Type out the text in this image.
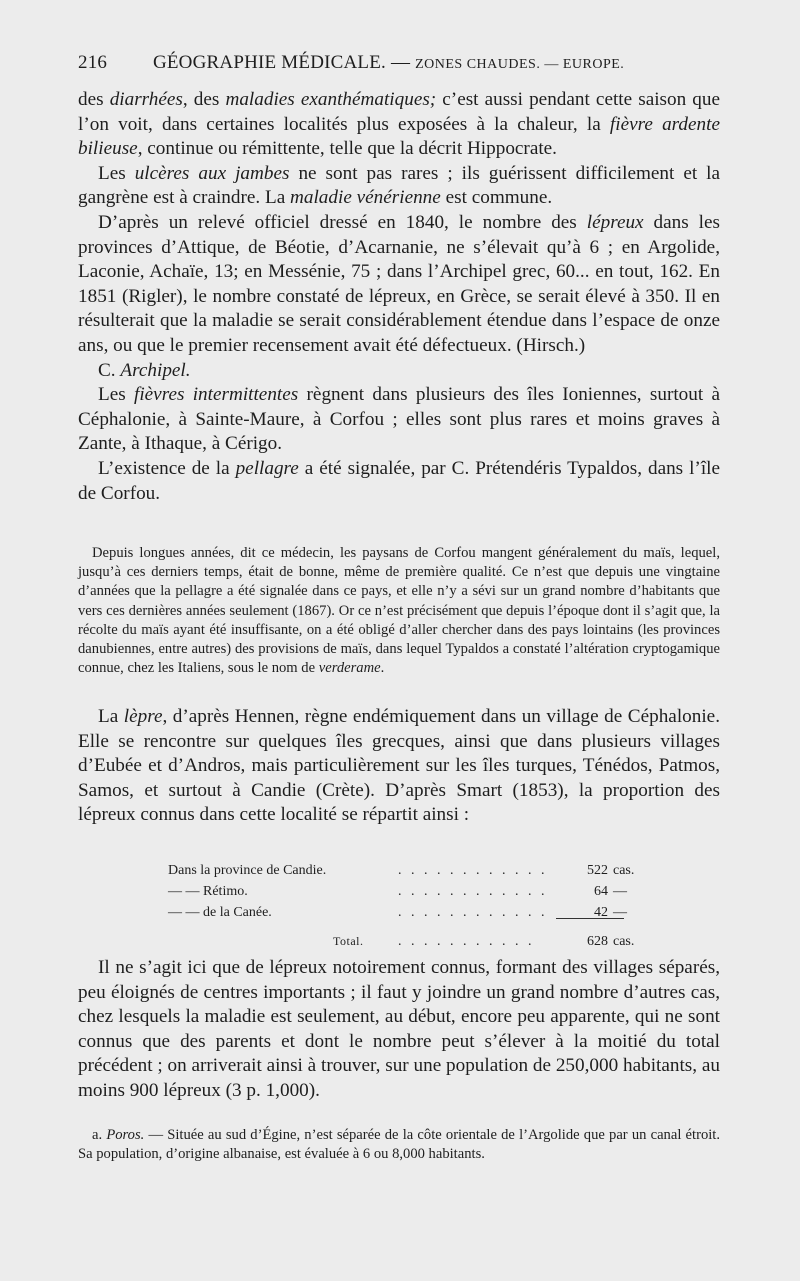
216 GÉOGRAPHIE MÉDICALE. — ZONES CHAUDES. — EUROPE.

des diarrhées, des maladies exanthématiques; c’est aussi pendant cette saison que l’on voit, dans certaines localités plus exposées à la chaleur, la fièvre ardente bilieuse, continue ou rémittente, telle que la décrit Hippocrate.

Les ulcères aux jambes ne sont pas rares ; ils guérissent difficilement et la gangrène est à craindre. La maladie vénérienne est commune.

D’après un relevé officiel dressé en 1840, le nombre des lépreux dans les provinces d’Attique, de Béotie, d’Acarnanie, ne s’élevait qu’à 6 ; en Argolide, Laconie, Achaïe, 13; en Messénie, 75 ; dans l’Archipel grec, 60... en tout, 162. En 1851 (Rigler), le nombre constaté de lépreux, en Grèce, se serait élevé à 350. Il en résulterait que la maladie se serait considérablement étendue dans l’espace de onze ans, ou que le premier recensement avait été défectueux. (Hirsch.)

C. Archipel.

Les fièvres intermittentes règnent dans plusieurs des îles Ioniennes, surtout à Céphalonie, à Sainte-Maure, à Corfou ; elles sont plus rares et moins graves à Zante, à Ithaque, à Cérigo.

L’existence de la pellagre a été signalée, par C. Prétendéris Typaldos, dans l’île de Corfou.

Depuis longues années, dit ce médecin, les paysans de Corfou mangent généralement du maïs, lequel, jusqu’à ces derniers temps, était de bonne, même de première qualité. Ce n’est que depuis une vingtaine d’années que la pellagre a été signalée dans ce pays, et elle n’y a sévi sur un grand nombre d’habitants que vers ces dernières années seulement (1867). Or ce n’est précisément que depuis l’époque dont il s’agit que, la récolte du maïs ayant été insuffisante, on a été obligé d’aller chercher dans des pays lointains (les provinces danubiennes, entre autres) des provisions de maïs, dans lequel Typaldos a constaté l’altération cryptogamique connue, chez les Italiens, sous le nom de verderame.

La lèpre, d’après Hennen, règne endémiquement dans un village de Céphalonie. Elle se rencontre sur quelques îles grecques, ainsi que dans plusieurs villages d’Eubée et d’Andros, mais particulièrement sur les îles turques, Ténédos, Patmos, Samos, et surtout à Candie (Crète). D’après Smart (1853), la proportion des lépreux connus dans cette localité se répartit ainsi :

Dans la province de Candie.	. . . . . . . . . . . .	522 cas.
— — Rétimo.	. . . . . . . . . . . .	64 —
— — de la Canée.	. . . . . . . . . . . .	42 —
Total. . . . . . . . . . . .	628 cas.

Il ne s’agit ici que de lépreux notoirement connus, formant des villages séparés, peu éloignés de centres importants ; il faut y joindre un grand nombre d’autres cas, chez lesquels la maladie est seulement, au début, encore peu apparente, qui ne sont connus que des parents et dont le nombre peut s’élever à la moitié du total précédent ; on arriverait ainsi à trouver, sur une population de 250,000 habitants, au moins 900 lépreux (3 p. 1,000).

a. Poros. — Située au sud d’Égine, n’est séparée de la côte orientale de l’Argolide que par un canal étroit. Sa population, d’origine albanaise, est évaluée à 6 ou 8,000 habitants.
